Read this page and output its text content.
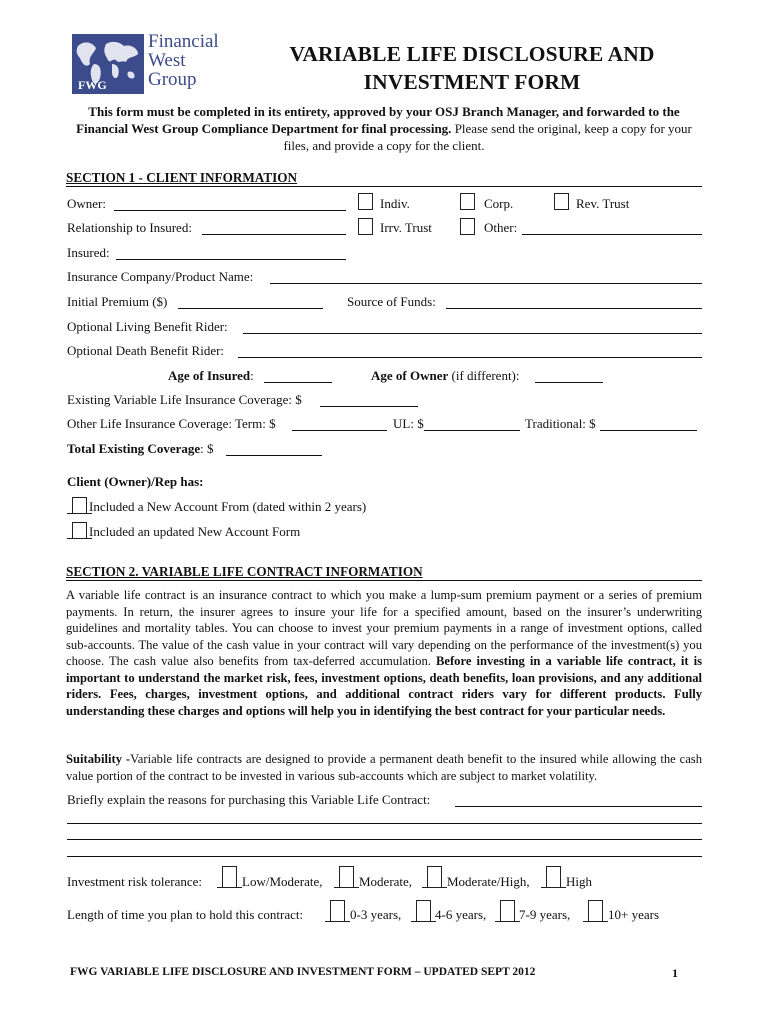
FWG
Financial
West
Group
VARIABLE LIFE DISCLOSURE AND
INVESTMENT FORM
This form must be completed in its entirety, approved by your OSJ Branch Manager, and forwarded to the Financial West Group Compliance Department for final processing. Please send the original, keep a copy for your files, and provide a copy for the client.
SECTION 1 - CLIENT INFORMATION
Owner:	Indiv.	Corp.	Rev. Trust
Relationship to Insured:	Irrv. Trust	Other:
Insured:
Insurance Company/Product Name:
Initial Premium ($)	Source of Funds:
Optional Living Benefit Rider:
Optional Death Benefit Rider:
Age of Insured:	Age of Owner (if different):
Existing Variable Life Insurance Coverage: $
Other Life Insurance Coverage: Term: $	UL: $	Traditional: $
Total Existing Coverage: $
Client (Owner)/Rep has:
Included a New Account From (dated within 2 years)
Included an updated New Account Form
SECTION 2. VARIABLE LIFE CONTRACT INFORMATION
A variable life contract is an insurance contract to which you make a lump-sum premium payment or a series of premium payments. In return, the insurer agrees to insure your life for a specified amount, based on the insurer’s underwriting guidelines and mortality tables. You can choose to invest your premium payments in a range of investment options, called sub-accounts. The value of the cash value in your contract will vary depending on the performance of the investment(s) you choose. The cash value also benefits from tax-deferred accumulation. Before investing in a variable life contract, it is important to understand the market risk, fees, investment options, death benefits, loan provisions, and any additional riders. Fees, charges, investment options, and additional contract riders vary for different products. Fully understanding these charges and options will help you in identifying the best contract for your particular needs.
Suitability -Variable life contracts are designed to provide a permanent death benefit to the insured while allowing the cash value portion of the contract to be invested in various sub-accounts which are subject to market volatility.
Briefly explain the reasons for purchasing this Variable Life Contract:
Investment risk tolerance:	Low/Moderate,	Moderate,	Moderate/High,	High
Length of time you plan to hold this contract:	0-3 years,	4-6 years,	7-9 years,	10+ years
FWG VARIABLE LIFE DISCLOSURE AND INVESTMENT FORM – UPDATED SEPT 2012	1
